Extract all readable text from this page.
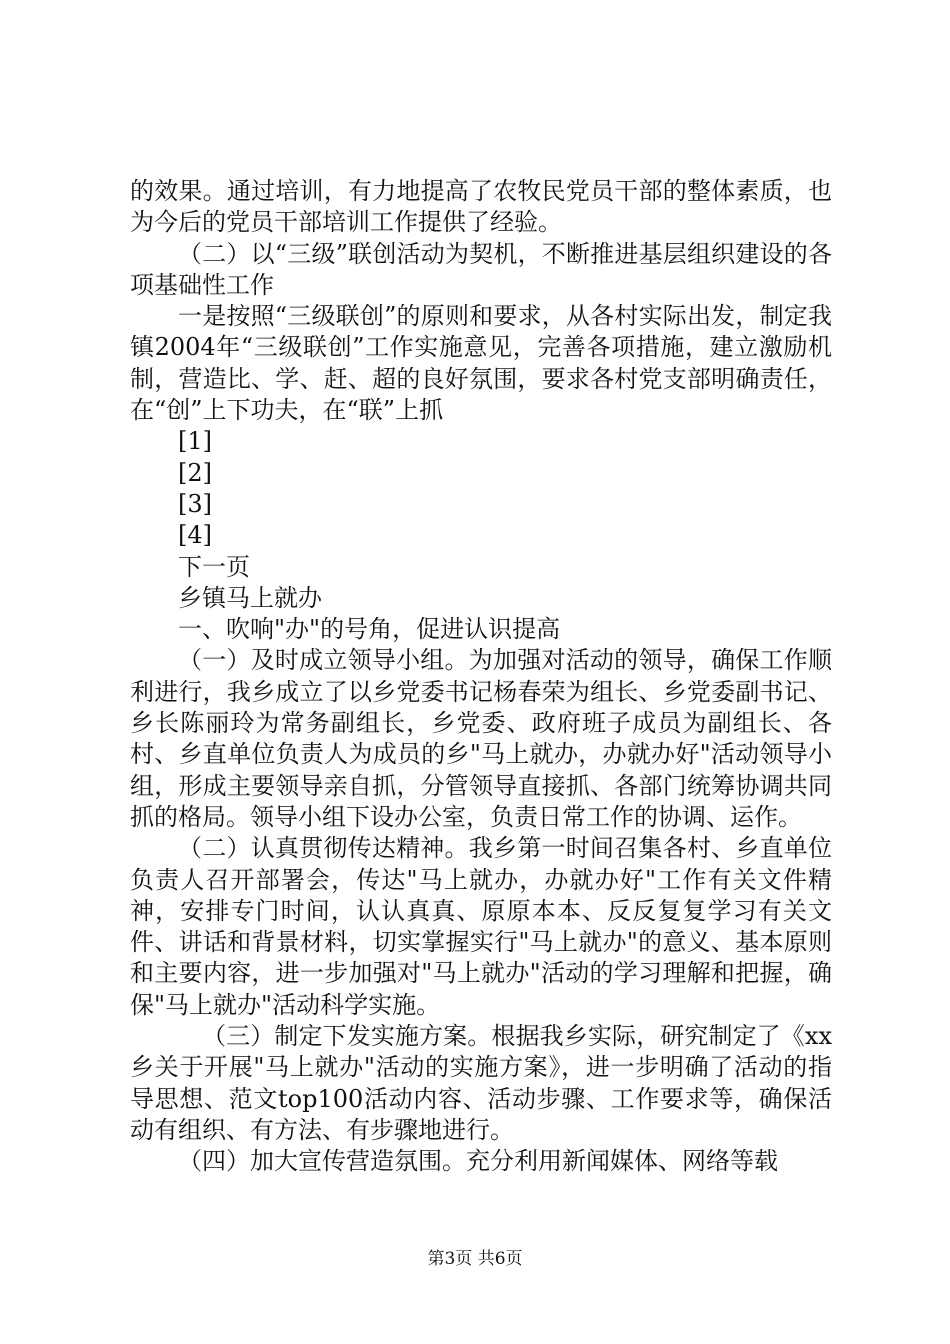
的效果。通过培训，有力地提高了农牧民党员干部的整体素质，也为今后的党员干部培训工作提供了经验。

（二）以“三级”联创活动为契机，不断推进基层组织建设的各项基础性工作

一是按照“三级联创”的原则和要求，从各村实际出发，制定我镇2004年“三级联创”工作实施意见，完善各项措施，建立激励机制，营造比、学、赶、超的良好氛围，要求各村党支部明确责任，在“创”上下功夫，在“联”上抓

[1]

[2]

[3]

[4]

下一页

乡镇马上就办

一、吹响"办"的号角，促进认识提高

（一）及时成立领导小组。为加强对活动的领导，确保工作顺利进行，我乡成立了以乡党委书记杨春荣为组长、乡党委副书记、乡长陈丽玲为常务副组长，乡党委、政府班子成员为副组长、各村、乡直单位负责人为成员的乡"马上就办，办就办好"活动领导小组，形成主要领导亲自抓，分管领导直接抓、各部门统筹协调共同抓的格局。领导小组下设办公室，负责日常工作的协调、运作。

（二）认真贯彻传达精神。我乡第一时间召集各村、乡直单位负责人召开部署会，传达"马上就办，办就办好"工作有关文件精神，安排专门时间，认认真真、原原本本、反反复复学习有关文件、讲话和背景材料，切实掌握实行"马上就办"的意义、基本原则和主要内容，进一步加强对"马上就办"活动的学习理解和把握，确保"马上就办"活动科学实施。

（三）制定下发实施方案。根据我乡实际，研究制定了《xx乡关于开展"马上就办"活动的实施方案》，进一步明确了活动的指导思想、范文top100活动内容、活动步骤、工作要求等，确保活动有组织、有方法、有步骤地进行。

（四）加大宣传营造氛围。充分利用新闻媒体、网络等载

第3页 共6页
